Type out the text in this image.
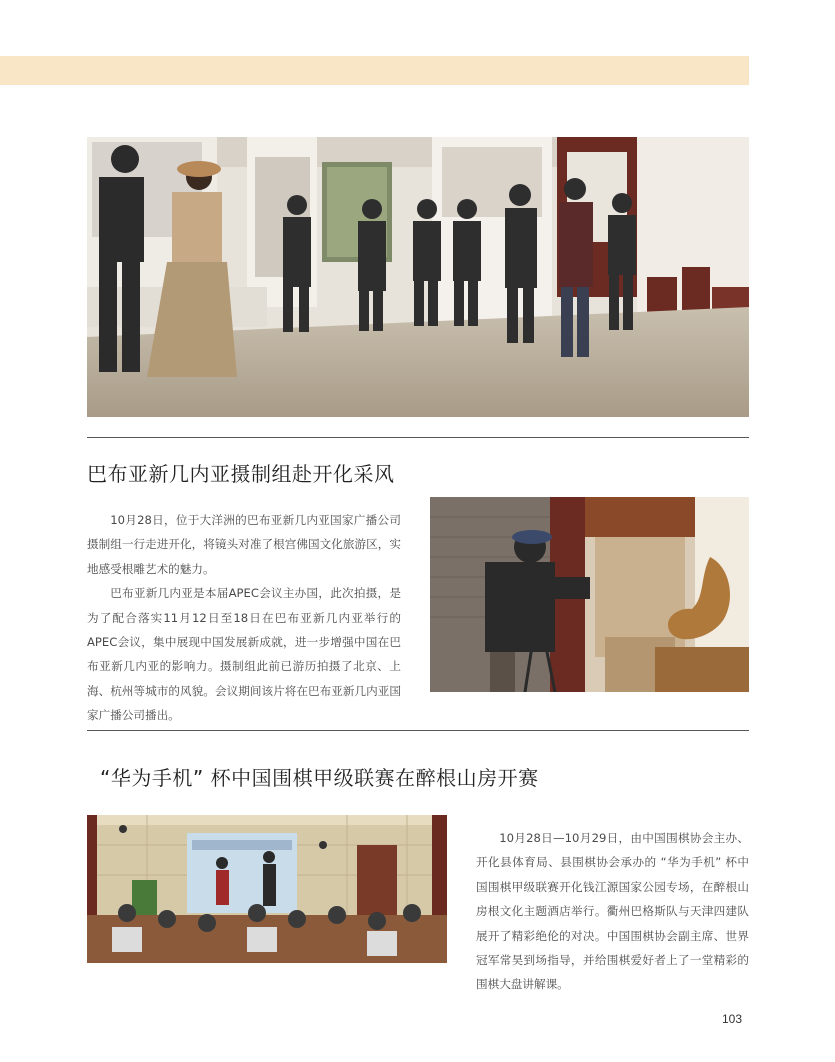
巴布亚新几内亚摄制组赴开化采风

10月28日，位于大洋洲的巴布亚新几内亚国家广播公司摄制组一行走进开化，将镜头对准了根宫佛国文化旅游区，实地感受根雕艺术的魅力。

巴布亚新几内亚是本届APEC会议主办国，此次拍摄，是为了配合落实11月12日至18日在巴布亚新几内亚举行的APEC会议，集中展现中国发展新成就，进一步增强中国在巴布亚新几内亚的影响力。摄制组此前已游历拍摄了北京、上海、杭州等城市的风貌。会议期间该片将在巴布亚新几内亚国家广播公司播出。

“华为手机” 杯中国围棋甲级联赛在醉根山房开赛

10月28日—10月29日，由中国围棋协会主办、开化县体育局、县围棋协会承办的 “华为手机” 杯中国围棋甲级联赛开化钱江源国家公园专场，在醉根山房根文化主题酒店举行。衢州巴格斯队与天津四建队展开了精彩绝伦的对决。中国围棋协会副主席、世界冠军常昊到场指导，并给围棋爱好者上了一堂精彩的围棋大盘讲解课。

103
